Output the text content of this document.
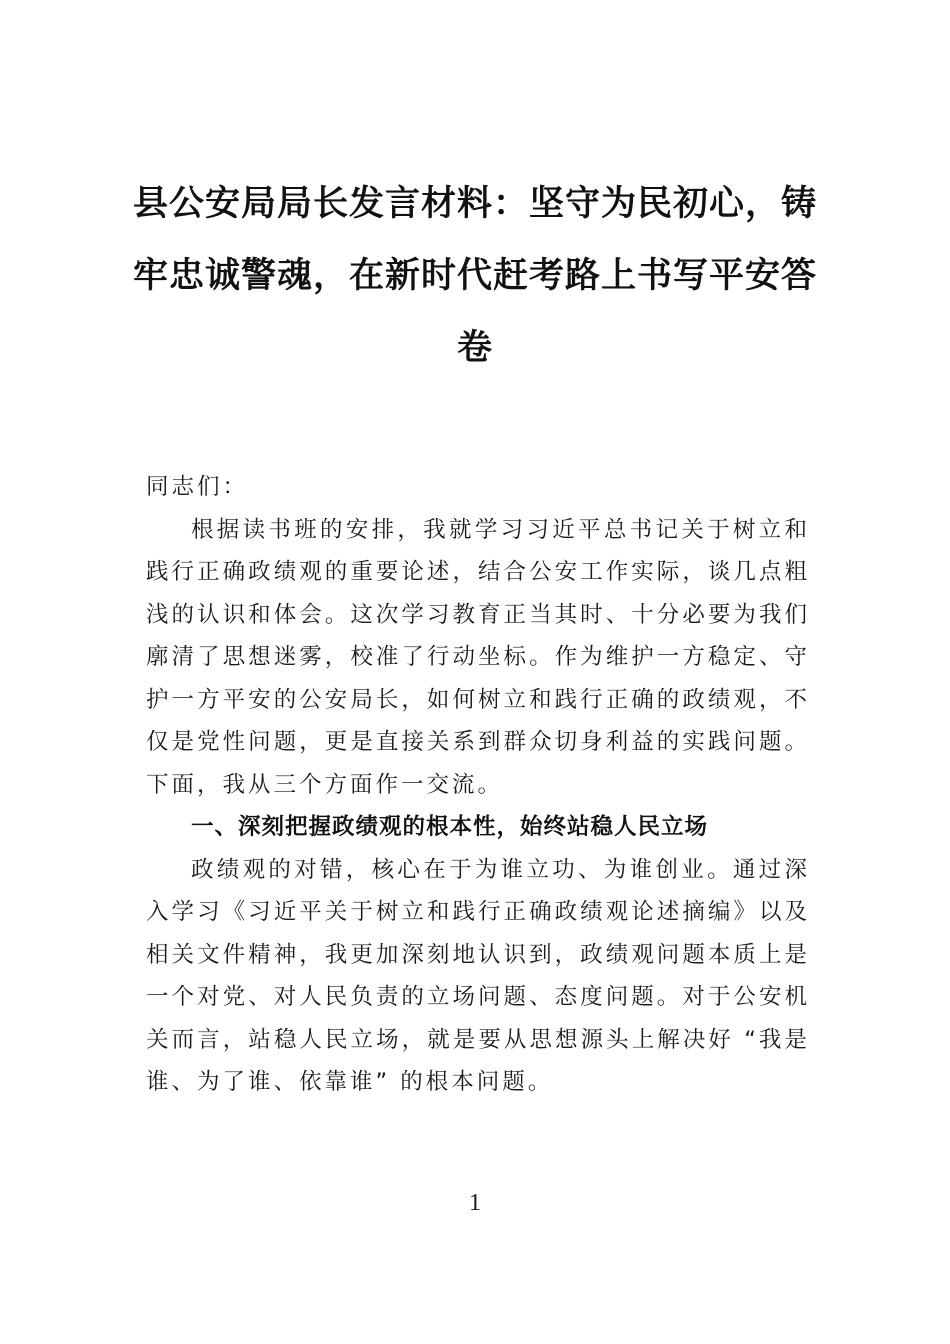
县公安局局长发言材料：坚守为民初心，铸牢忠诚警魂，在新时代赶考路上书写平安答卷

同志们：

根据读书班的安排，我就学习习近平总书记关于树立和践行正确政绩观的重要论述，结合公安工作实际，谈几点粗浅的认识和体会。这次学习教育正当其时、十分必要为我们廓清了思想迷雾，校准了行动坐标。作为维护一方稳定、守护一方平安的公安局长，如何树立和践行正确的政绩观，不仅是党性问题，更是直接关系到群众切身利益的实践问题。下面，我从三个方面作一交流。

一、深刻把握政绩观的根本性，始终站稳人民立场

政绩观的对错，核心在于为谁立功、为谁创业。通过深入学习《习近平关于树立和践行正确政绩观论述摘编》以及相关文件精神，我更加深刻地认识到，政绩观问题本质上是一个对党、对人民负责的立场问题、态度问题。对于公安机关而言，站稳人民立场，就是要从思想源头上解决好 “我是谁、为了谁、依靠谁” 的根本问题。

1
